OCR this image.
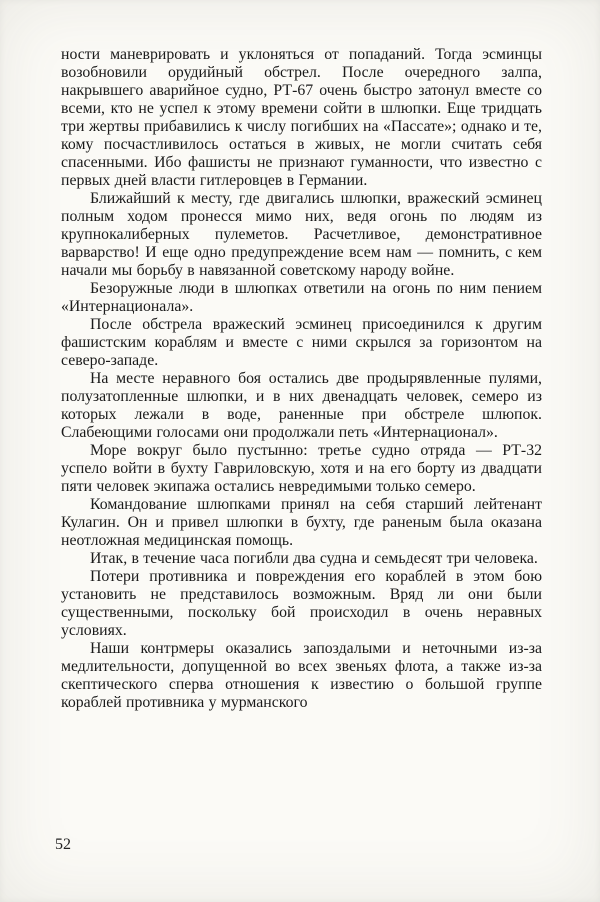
ности маневрировать и уклоняться от попаданий. Тогда эсминцы возобновили орудийный обстрел. После очередного залпа, накрывшего аварийное судно, РТ-67 очень быстро затонул вместе со всеми, кто не успел к этому времени сойти в шлюпки. Еще тридцать три жертвы прибавились к числу погибших на «Пассате»; однако и те, кому посчастливилось остаться в живых, не могли считать себя спасенными. Ибо фашисты не признают гуманности, что известно с первых дней власти гитлеровцев в Германии.

Ближайший к месту, где двигались шлюпки, вражеский эсминец полным ходом пронесся мимо них, ведя огонь по людям из крупнокалиберных пулеметов. Расчетливое, демонстративное варварство! И еще одно предупреждение всем нам — помнить, с кем начали мы борьбу в навязанной советскому народу войне.

Безоружные люди в шлюпках ответили на огонь по ним пением «Интернационала».

После обстрела вражеский эсминец присоединился к другим фашистским кораблям и вместе с ними скрылся за горизонтом на северо-западе.

На месте неравного боя остались две продырявленные пулями, полузатопленные шлюпки, и в них двенадцать человек, семеро из которых лежали в воде, раненные при обстреле шлюпок. Слабеющими голосами они продолжали петь «Интернационал».

Море вокруг было пустынно: третье судно отряда — РТ-32 успело войти в бухту Гавриловскую, хотя и на его борту из двадцати пяти человек экипажа остались невредимыми только семеро.

Командование шлюпками принял на себя старший лейтенант Кулагин. Он и привел шлюпки в бухту, где раненым была оказана неотложная медицинская помощь.

Итак, в течение часа погибли два судна и семьдесят три человека.

Потери противника и повреждения его кораблей в этом бою установить не представилось возможным. Вряд ли они были существенными, поскольку бой происходил в очень неравных условиях.

Наши контрмеры оказались запоздалыми и неточными из-за медлительности, допущенной во всех звеньях флота, а также из-за скептического сперва отношения к известию о большой группе кораблей противника у мурманского

52
